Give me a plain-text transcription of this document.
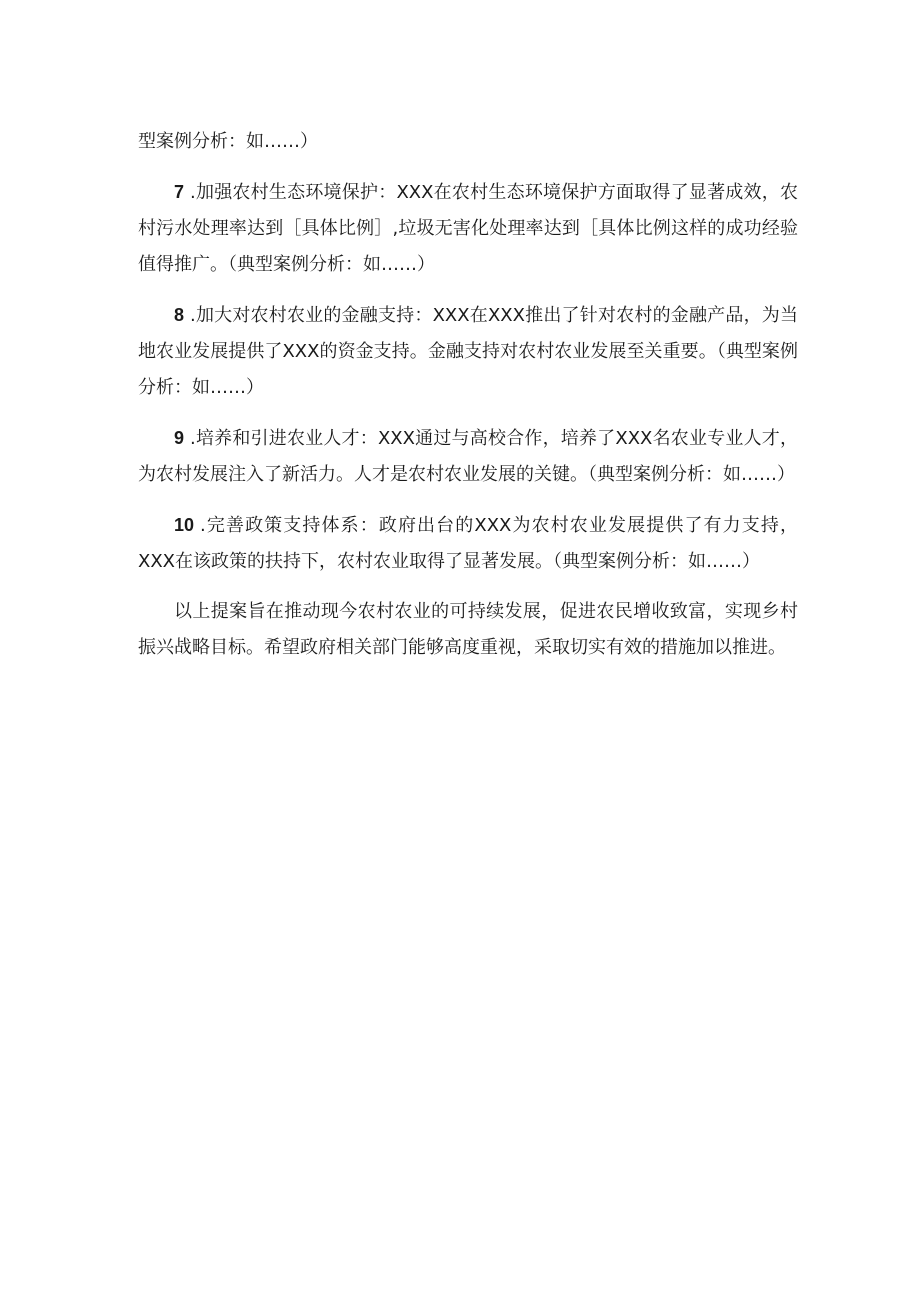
型案例分析：如……）

7 .加强农村生态环境保护：XXX在农村生态环境保护方面取得了显著成效，农村污水处理率达到［具体比例］,垃圾无害化处理率达到［具体比例这样的成功经验值得推广。（典型案例分析：如……）

8 .加大对农村农业的金融支持：XXX在XXX推出了针对农村的金融产品，为当地农业发展提供了XXX的资金支持。金融支持对农村农业发展至关重要。（典型案例分析：如……）

9 .培养和引进农业人才：XXX通过与高校合作，培养了XXX名农业专业人才，为农村发展注入了新活力。人才是农村农业发展的关键。（典型案例分析：如……）

10 .完善政策支持体系：政府出台的XXX为农村农业发展提供了有力支持，XXX在该政策的扶持下，农村农业取得了显著发展。（典型案例分析：如……）

以上提案旨在推动现今农村农业的可持续发展，促进农民增收致富，实现乡村振兴战略目标。希望政府相关部门能够高度重视，采取切实有效的措施加以推进。
